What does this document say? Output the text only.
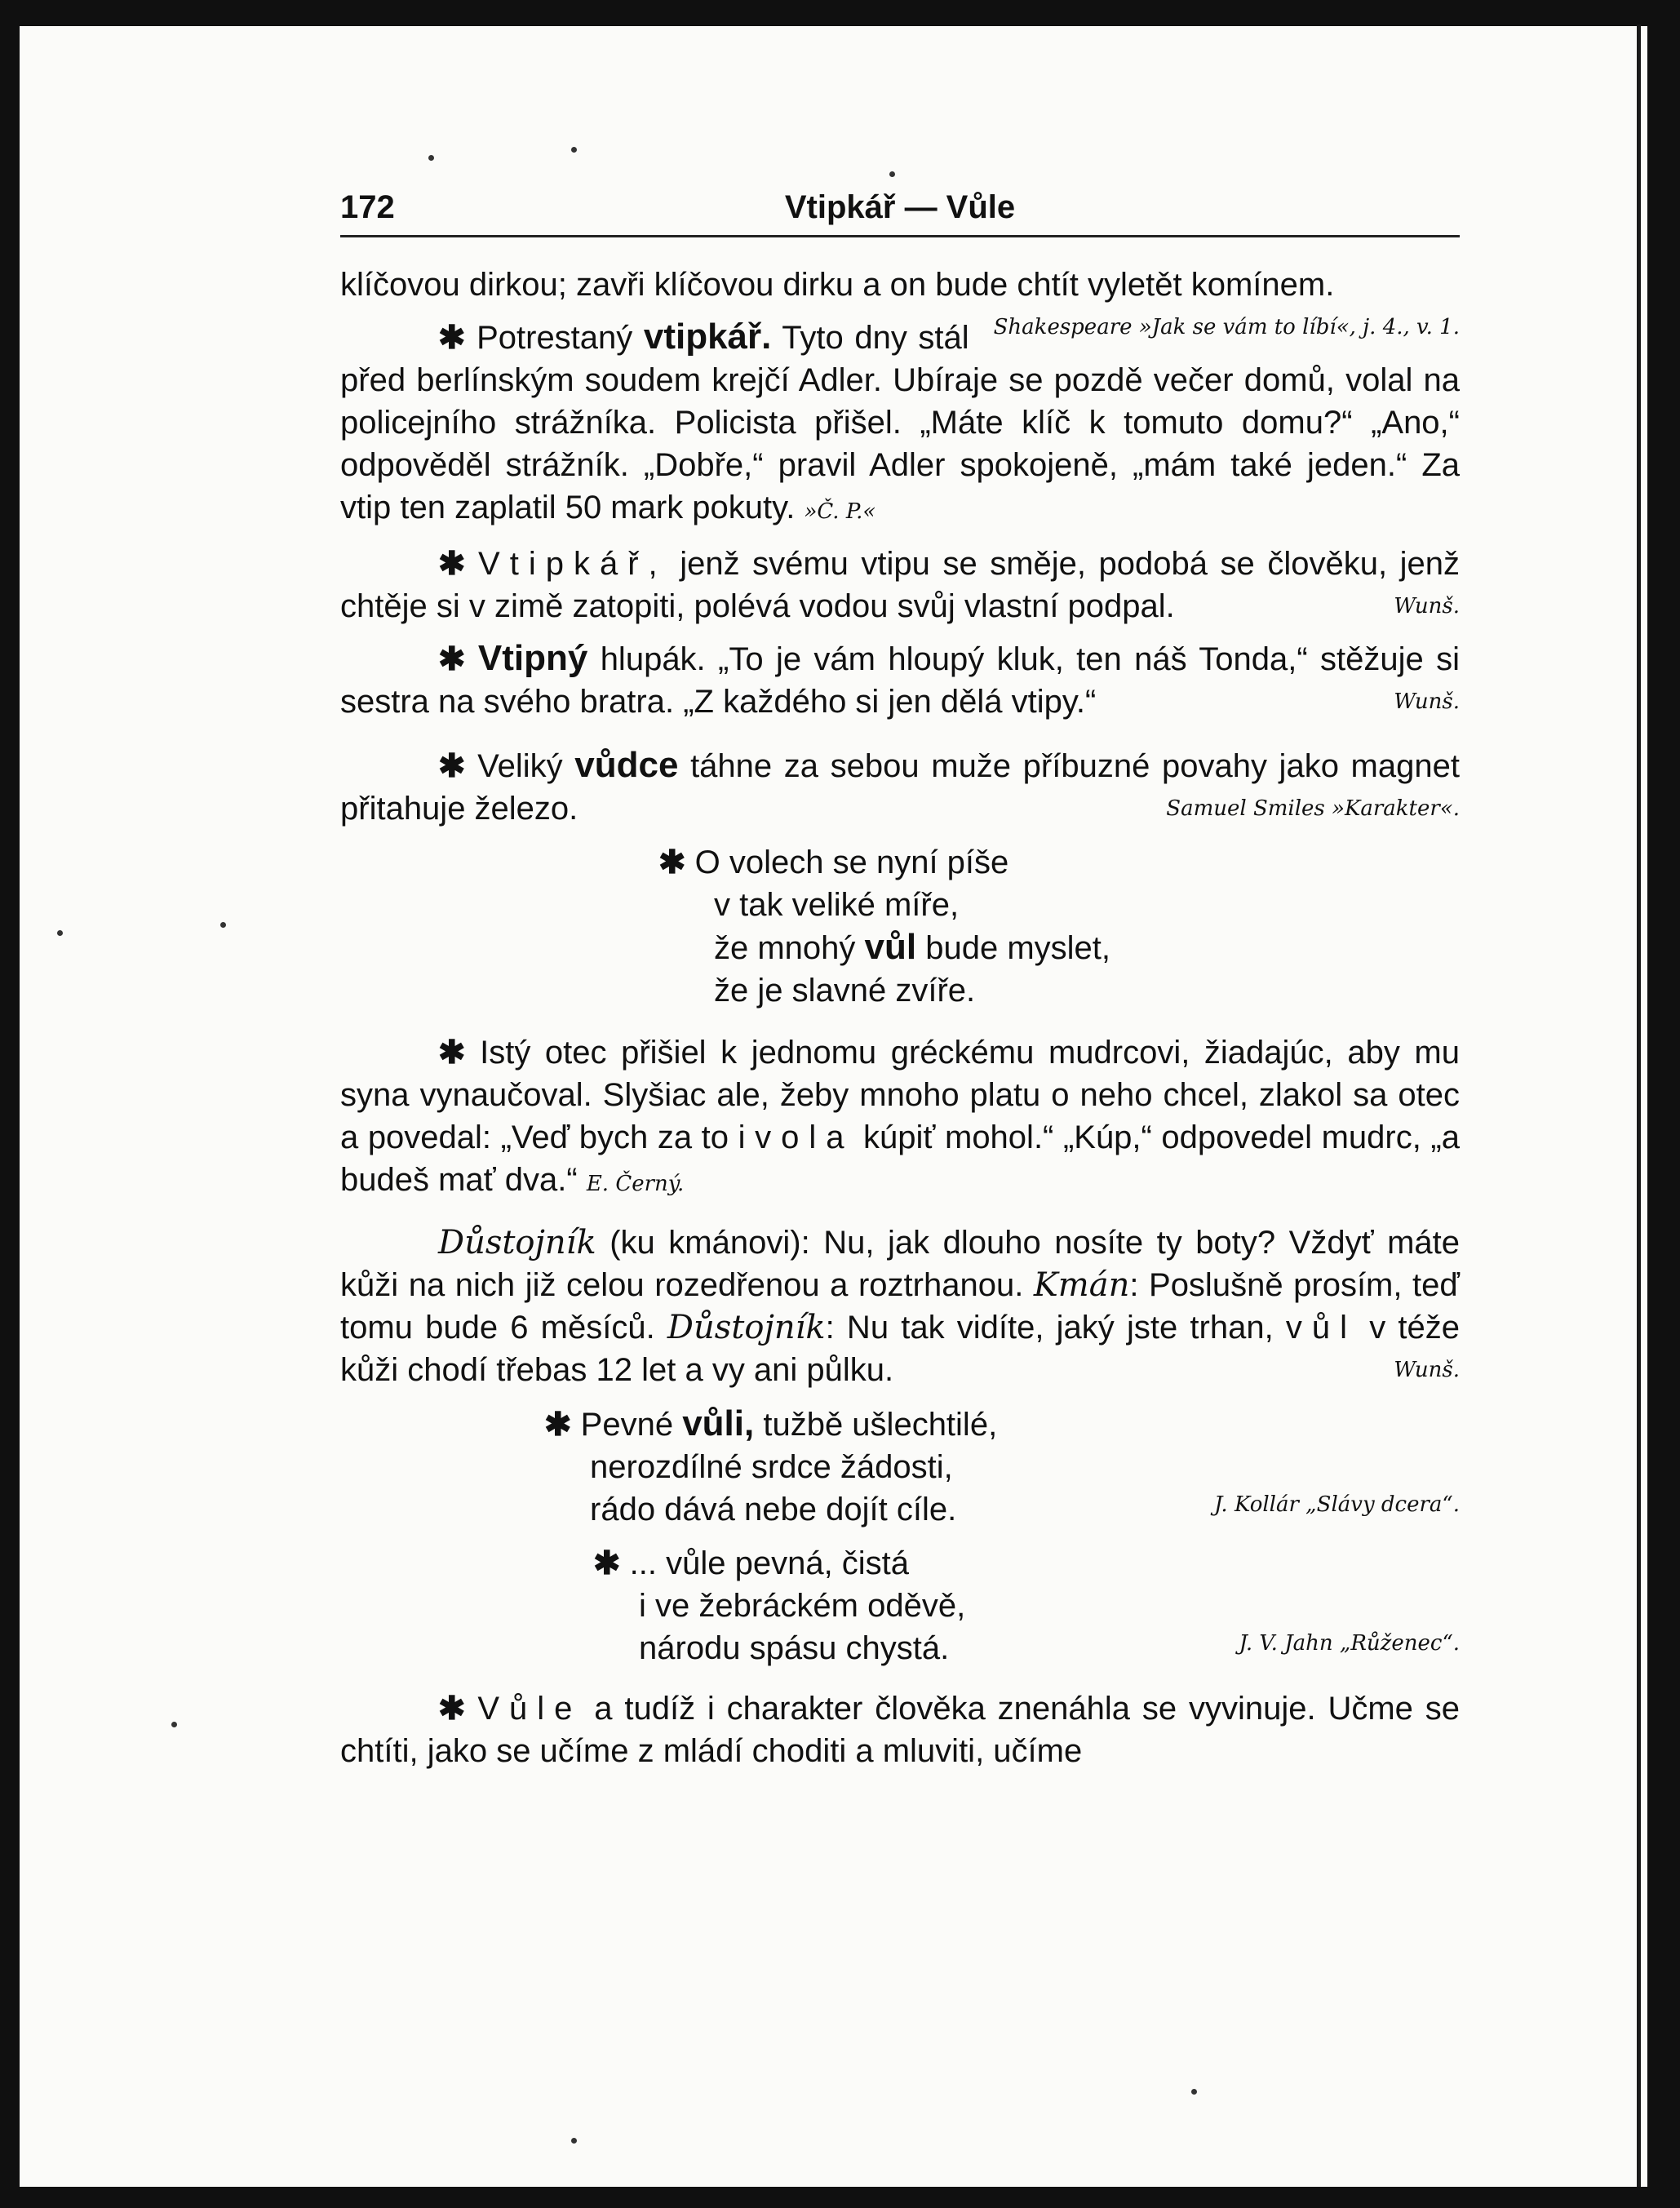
172	Vtipkář — Vůle

klíčovou dirkou; zavři klíčovou dirku a on bude chtít vyletět komínem.
Shakespeare »Jak se vám to líbí«, j. 4., v. 1.

✱ Potrestaný vtipkář. Tyto dny stál před berlínským soudem krejčí Adler. Ubíraje se pozdě večer domů, volal na policejního strážníka. Policista přišel. „Máte klíč k tomuto domu?“ „Ano,“ odpověděl strážník. „Dobře,“ pravil Adler spokojeně, „mám také jeden.“ Za vtip ten zaplatil 50 mark pokuty. »Č. P.«

✱ Vtipkář, jenž svému vtipu se směje, podobá se člověku, jenž chtěje si v zimě zatopiti, polévá vodou svůj vlastní podpal.	Wunš.

✱ Vtipný hlupák. „To je vám hloupý kluk, ten náš Tonda,“ stěžuje si sestra na svého bratra. „Z každého si jen dělá vtipy.“	Wunš.

✱ Veliký vůdce táhne za sebou muže příbuzné povahy jako magnet přitahuje železo.	Samuel Smiles »Karakter«.

✱ O volech se nyní píše
v tak veliké míře,
že mnohý vůl bude myslet,
že je slavné zvíře.

✱ Istý otec přišiel k jednomu gréckému mudrcovi, žiadajúc, aby mu syna vynaučoval. Slyšiac ale, žeby mnoho platu o neho chcel, zlakol sa otec a povedal: „Veď bych za to i vola kúpiť mohol.“ „Kúp,“ odpovedel mudrc, „a budeš mať dva.“ E. Černý.

Důstojník (ku kmánovi): Nu, jak dlouho nosíte ty boty? Vždyť máte kůži na nich již celou rozedřenou a roztrhanou. Kmán: Poslušně prosím, teď tomu bude 6 měsíců. Důstojník: Nu tak vidíte, jaký jste trhan, vůl v téže kůži chodí třebas 12 let a vy ani půlku.	Wunš.

✱ Pevné vůli, tužbě ušlechtilé,
nerozdílné srdce žádosti,
rádo dává nebe dojít cíle.	J. Kollár „Slávy dcera“.
✱ ... vůle pevná, čistá
i ve žebráckém oděvě,
národu spásu chystá.	J. V. Jahn „Růženec“.

✱ Vůle a tudíž i charakter člověka znenáhla se vyvinuje. Učme se chtíti, jako se učíme z mládí choditi a mluviti, učíme
